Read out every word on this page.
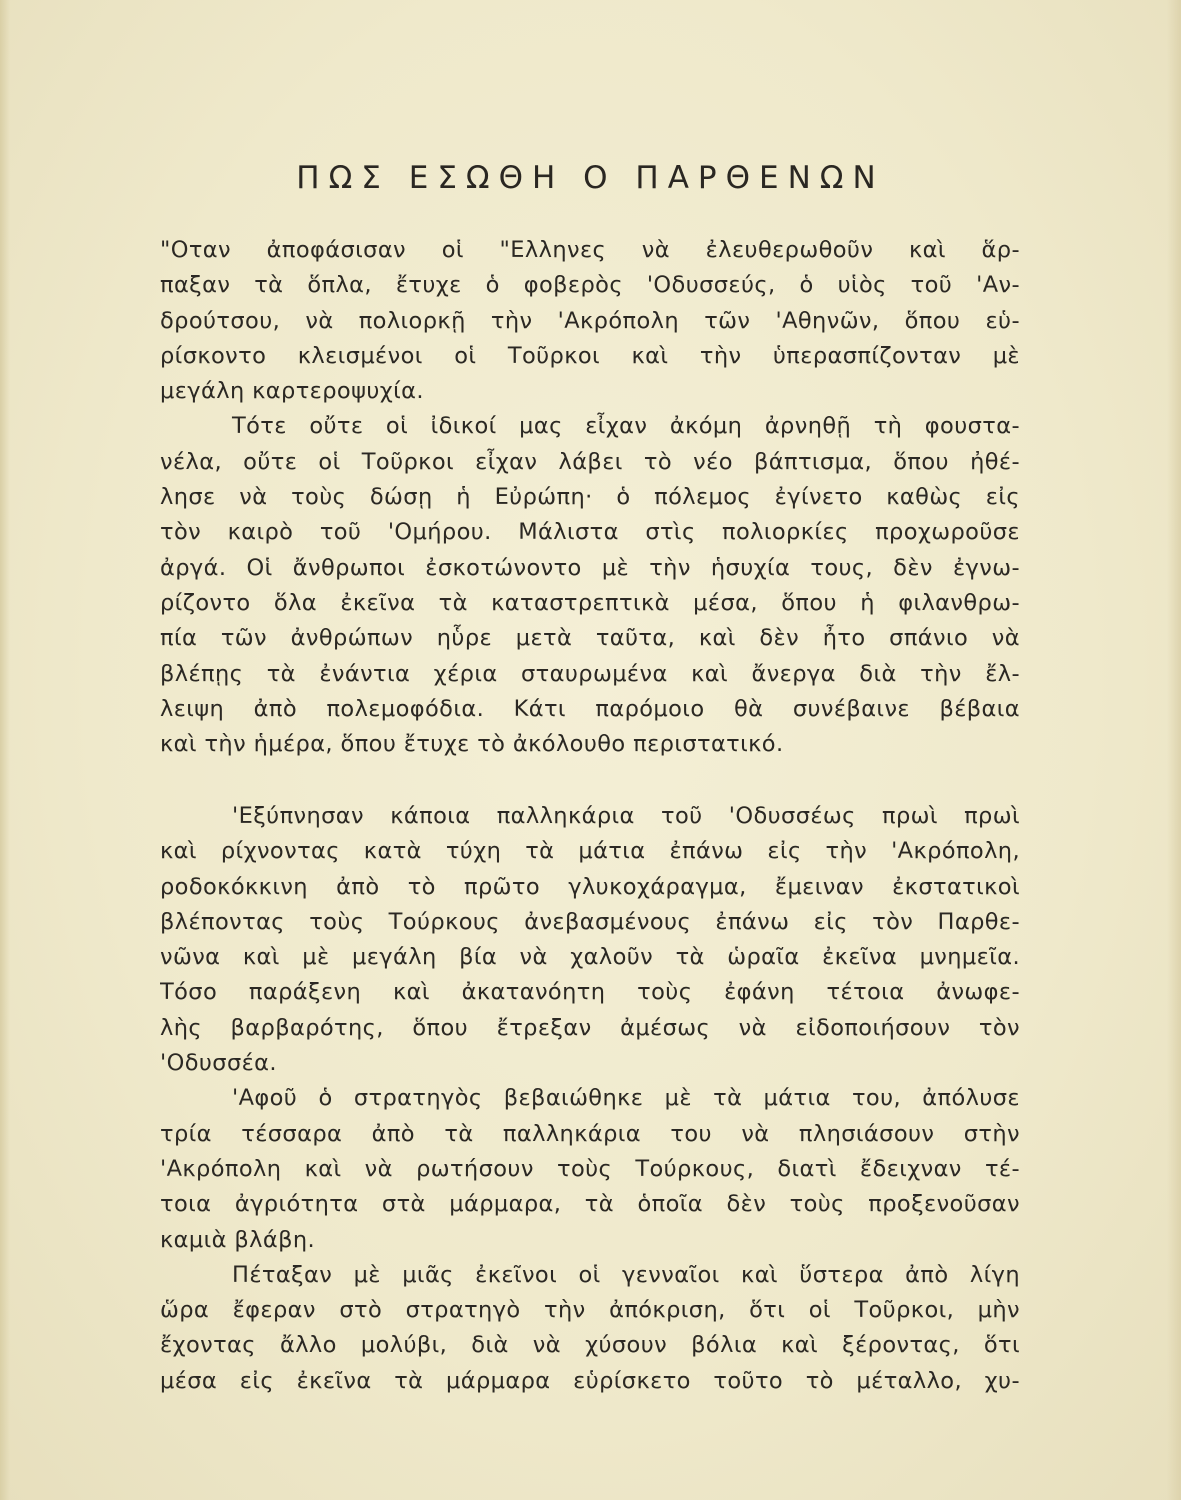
ΠΩΣ ΕΣΩΘΗ Ο ΠΑΡΘΕΝΩΝ
"Οταν ἀποφάσισαν οἱ "Ελληνες νὰ ἐλευθερωθοῦν καὶ ἅρ-
παξαν τὰ ὅπλα, ἔτυχε ὁ φοβερὸς 'Οδυσσεύς, ὁ υἱὸς τοῦ 'Αν-
δρούτσου, νὰ πολιορκῇ τὴν 'Ακρόπολη τῶν 'Αθηνῶν, ὅπου εὑ-
ρίσκοντο κλεισμένοι οἱ Τοῦρκοι καὶ τὴν ὑπερασπίζονταν μὲ
μεγάλη καρτεροψυχία.
Τότε οὔτε οἱ ἰδικοί μας εἶχαν ἀκόμη ἀρνηθῇ τὴ φουστα-
νέλα, οὔτε οἱ Τοῦρκοι εἶχαν λάβει τὸ νέο βάπτισμα, ὅπου ἠθέ-
λησε νὰ τοὺς δώσῃ ἡ Εὐρώπη· ὁ πόλεμος ἐγίνετο καθὼς εἰς
τὸν καιρὸ τοῦ 'Ομήρου. Μάλιστα στὶς πολιορκίες προχωροῦσε
ἀργά. Οἱ ἄνθρωποι ἐσκοτώνοντο μὲ τὴν ἡσυχία τους, δὲν ἐγνω-
ρίζοντο ὅλα ἐκεῖνα τὰ καταστρεπτικὰ μέσα, ὅπου ἡ φιλανθρω-
πία τῶν ἀνθρώπων ηὗρε μετὰ ταῦτα, καὶ δὲν ἦτο σπάνιο νὰ
βλέπῃς τὰ ἐνάντια χέρια σταυρωμένα καὶ ἄνεργα διὰ τὴν ἔλ-
λειψη ἀπὸ πολεμοφόδια. Κάτι παρόμοιο θὰ συνέβαινε βέβαια
καὶ τὴν ἡμέρα, ὅπου ἔτυχε τὸ ἀκόλουθο περιστατικό.
'Εξύπνησαν κάποια παλληκάρια τοῦ 'Οδυσσέως πρωὶ πρωὶ
καὶ ρίχνοντας κατὰ τύχη τὰ μάτια ἐπάνω εἰς τὴν 'Ακρόπολη,
ροδοκόκκινη ἀπὸ τὸ πρῶτο γλυκοχάραγμα, ἔμειναν ἐκστατικοὶ
βλέποντας τοὺς Τούρκους ἀνεβασμένους ἐπάνω εἰς τὸν Παρθε-
νῶνα καὶ μὲ μεγάλη βία νὰ χαλοῦν τὰ ὡραῖα ἐκεῖνα μνημεῖα.
Τόσο παράξενη καὶ ἀκατανόητη τοὺς ἐφάνη τέτοια ἀνωφε-
λὴς βαρβαρότης, ὅπου ἔτρεξαν ἀμέσως νὰ εἰδοποιήσουν τὸν
'Οδυσσέα.
'Αφοῦ ὁ στρατηγὸς βεβαιώθηκε μὲ τὰ μάτια του, ἀπόλυσε
τρία τέσσαρα ἀπὸ τὰ παλληκάρια του νὰ πλησιάσουν στὴν
'Ακρόπολη καὶ νὰ ρωτήσουν τοὺς Τούρκους, διατὶ ἔδειχναν τέ-
τοια ἀγριότητα στὰ μάρμαρα, τὰ ὁποῖα δὲν τοὺς προξενοῦσαν
καμιὰ βλάβη.
Πέταξαν μὲ μιᾶς ἐκεῖνοι οἱ γενναῖοι καὶ ὕστερα ἀπὸ λίγη
ὥρα ἔφεραν στὸ στρατηγὸ τὴν ἀπόκριση, ὅτι οἱ Τοῦρκοι, μὴν
ἔχοντας ἄλλο μολύβι, διὰ νὰ χύσουν βόλια καὶ ξέροντας, ὅτι
μέσα εἰς ἐκεῖνα τὰ μάρμαρα εὑρίσκετο τοῦτο τὸ μέταλλο, χυ-
